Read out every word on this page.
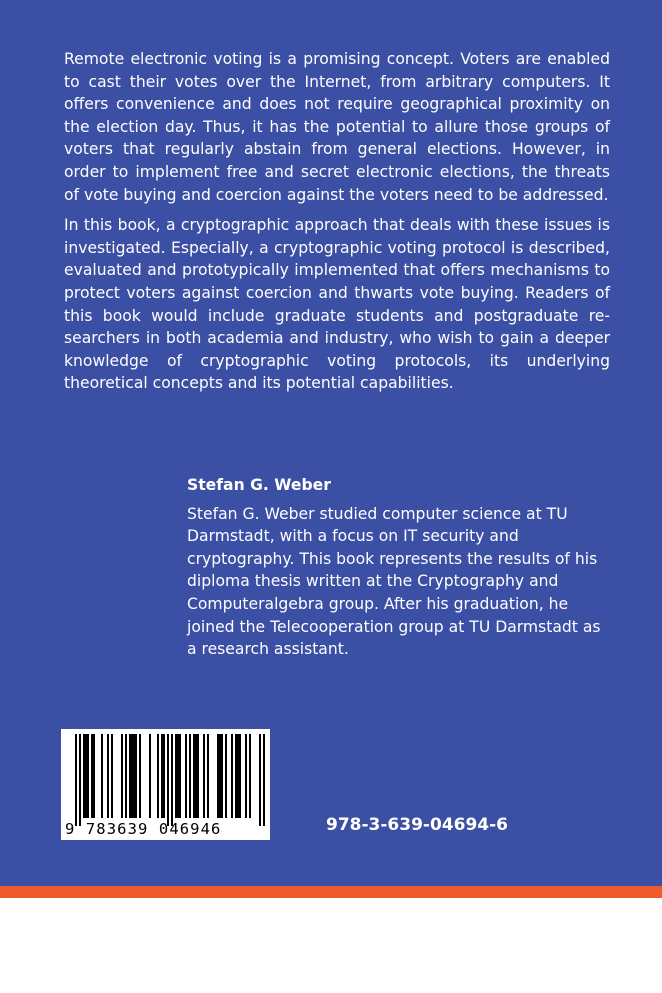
Remote electronic voting is a promising concept. Voters are enabled to cast their votes over the Internet, from arbitrary computers. It offers convenience and does not require geographical proximity on the election day. Thus, it has the potential to allure those groups of voters that regularly abstain from general elections. However, in order to implement free and secret electronic elections, the threats of vote buying and coercion against the voters need to be addressed.

In this book, a cryptographic approach that deals with these issues is investigated. Especially, a cryptographic voting protocol is described, evaluated and prototypically implemented that offers mechanisms to protect voters against coercion and thwarts vote buying. Readers of this book would include graduate students and postgraduate re- searchers in both academia and industry, who wish to gain a deeper knowledge of cryptographic voting protocols, its underlying theoretical concepts and its potential capabilities.

Stefan G. Weber

Stefan G. Weber studied computer science at TU Darmstadt, with a focus on IT security and cryptography. This book represents the results of his diploma thesis written at the Cryptography and Computeralgebra group. After his graduation, he joined the Telecooperation group at TU Darmstadt as a research assistant.

9 783639 046946	978-3-639-04694-6
